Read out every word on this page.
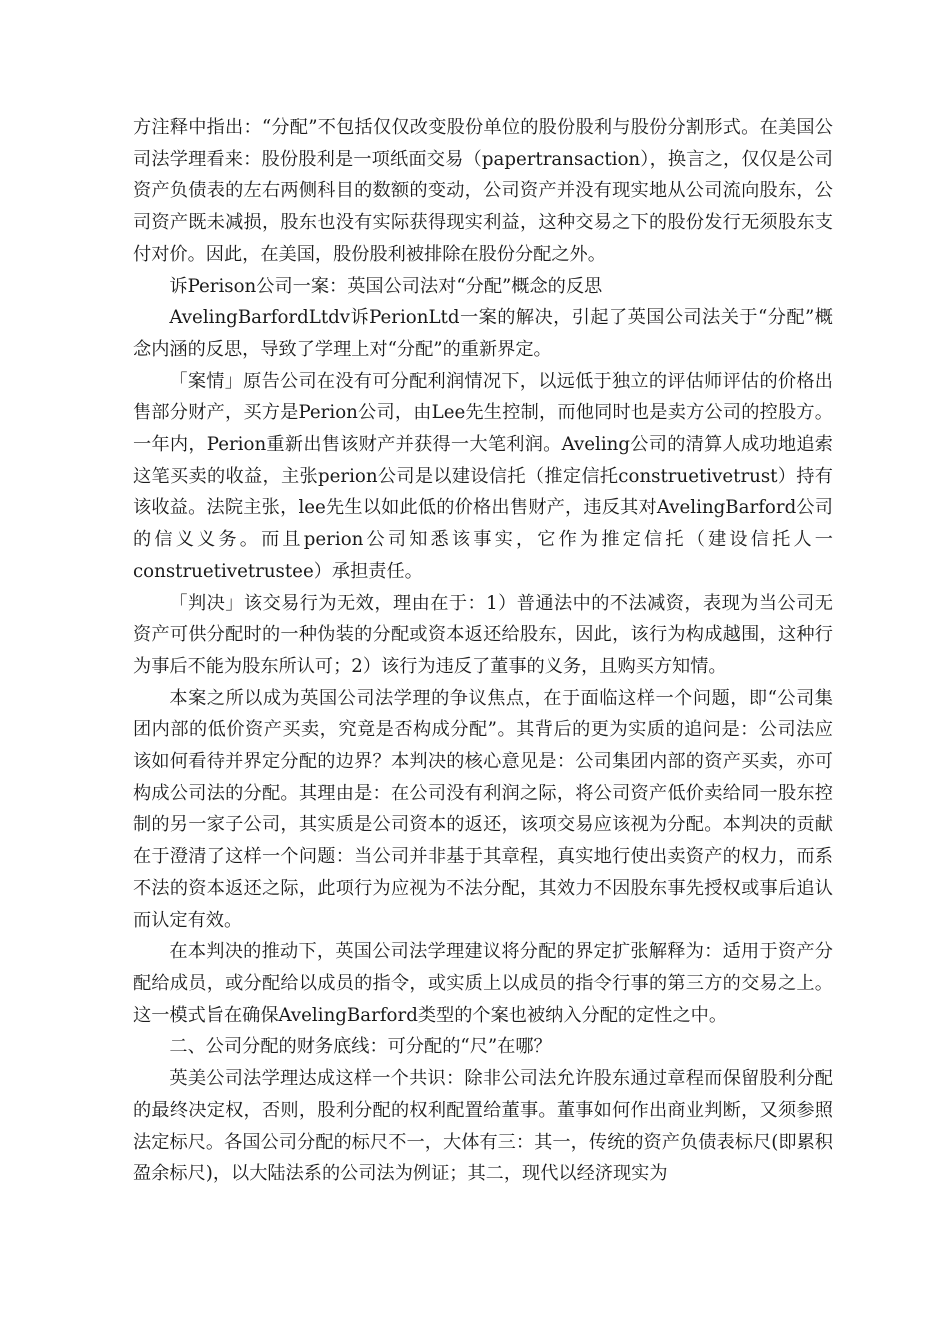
方注释中指出：“分配”不包括仅仅改变股份单位的股份股利与股份分割形式。在美国公司法学理看来：股份股利是一项纸面交易（papertransaction），换言之，仅仅是公司资产负债表的左右两侧科目的数额的变动，公司资产并没有现实地从公司流向股东，公司资产既未减损，股东也没有实际获得现实利益，这种交易之下的股份发行无须股东支付对价。因此，在美国，股份股利被排除在股份分配之外。

诉Perison公司一案：英国公司法对“分配”概念的反思

AvelingBarfordLtdv诉PerionLtd一案的解决，引起了英国公司法关于“分配”概念内涵的反思，导致了学理上对“分配”的重新界定。

「案情」原告公司在没有可分配利润情况下，以远低于独立的评估师评估的价格出售部分财产，买方是Perion公司，由Lee先生控制，而他同时也是卖方公司的控股方。一年内，Perion重新出售该财产并获得一大笔利润。Aveling公司的清算人成功地追索这笔买卖的收益，主张perion公司是以建设信托（推定信托construetivetrust）持有该收益。法院主张，lee先生以如此低的价格出售财产，违反其对AvelingBarford公司的信义义务。而且perion公司知悉该事实，它作为推定信托（建设信托人一construetivetrustee）承担责任。

「判决」该交易行为无效，理由在于：1）普通法中的不法减资，表现为当公司无资产可供分配时的一种伪装的分配或资本返还给股东，因此，该行为构成越围，这种行为事后不能为股东所认可；2）该行为违反了董事的义务，且购买方知情。

本案之所以成为英国公司法学理的争议焦点，在于面临这样一个问题，即“公司集团内部的低价资产买卖，究竟是否构成分配”。其背后的更为实质的追问是：公司法应该如何看待并界定分配的边界？本判决的核心意见是：公司集团内部的资产买卖，亦可构成公司法的分配。其理由是：在公司没有利润之际，将公司资产低价卖给同一股东控制的另一家子公司，其实质是公司资本的返还，该项交易应该视为分配。本判决的贡献在于澄清了这样一个问题：当公司并非基于其章程，真实地行使出卖资产的权力，而系不法的资本返还之际，此项行为应视为不法分配，其效力不因股东事先授权或事后追认而认定有效。

在本判决的推动下，英国公司法学理建议将分配的界定扩张解释为：适用于资产分配给成员，或分配给以成员的指令，或实质上以成员的指令行事的第三方的交易之上。这一模式旨在确保AvelingBarford类型的个案也被纳入分配的定性之中。

二、公司分配的财务底线：可分配的“尺”在哪？

英美公司法学理达成这样一个共识：除非公司法允许股东通过章程而保留股利分配的最终决定权，否则，股利分配的权利配置给董事。董事如何作出商业判断，又须参照法定标尺。各国公司分配的标尺不一，大体有三：其一，传统的资产负债表标尺(即累积盈余标尺)，以大陆法系的公司法为例证；其二，现代以经济现实为
